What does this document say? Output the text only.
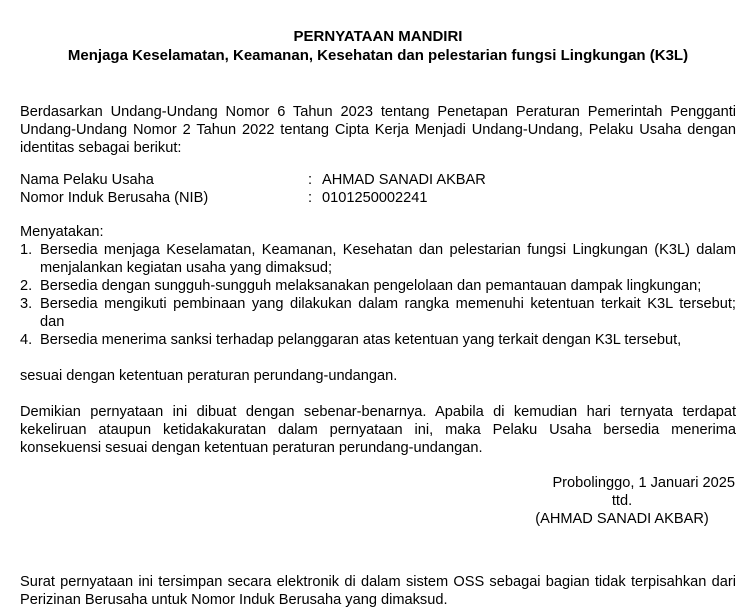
PERNYATAAN MANDIRI

Menjaga Keselamatan, Keamanan, Kesehatan dan pelestarian fungsi Lingkungan (K3L)

Berdasarkan Undang-Undang Nomor 6 Tahun 2023 tentang Penetapan Peraturan Pemerintah Pengganti Undang-Undang Nomor 2 Tahun 2022 tentang Cipta Kerja Menjadi Undang-Undang, Pelaku Usaha dengan identitas sebagai berikut:

Nama Pelaku Usaha	: AHMAD SANADI AKBAR
Nomor Induk Berusaha (NIB)	: 0101250002241

Menyatakan:

1. Bersedia menjaga Keselamatan, Keamanan, Kesehatan dan pelestarian fungsi Lingkungan (K3L) dalam menjalankan kegiatan usaha yang dimaksud;
2. Bersedia dengan sungguh-sungguh melaksanakan pengelolaan dan pemantauan dampak lingkungan;
3. Bersedia mengikuti pembinaan yang dilakukan dalam rangka memenuhi ketentuan terkait K3L tersebut; dan
4. Bersedia menerima sanksi terhadap pelanggaran atas ketentuan yang terkait dengan K3L tersebut,

sesuai dengan ketentuan peraturan perundang-undangan.

Demikian pernyataan ini dibuat dengan sebenar-benarnya. Apabila di kemudian hari ternyata terdapat kekeliruan ataupun ketidakakuratan dalam pernyataan ini, maka Pelaku Usaha bersedia menerima konsekuensi sesuai dengan ketentuan peraturan perundang-undangan.

Probolinggo, 1 Januari 2025
ttd.
(AHMAD SANADI AKBAR)

Surat pernyataan ini tersimpan secara elektronik di dalam sistem OSS sebagai bagian tidak terpisahkan dari Perizinan Berusaha untuk Nomor Induk Berusaha yang dimaksud.
